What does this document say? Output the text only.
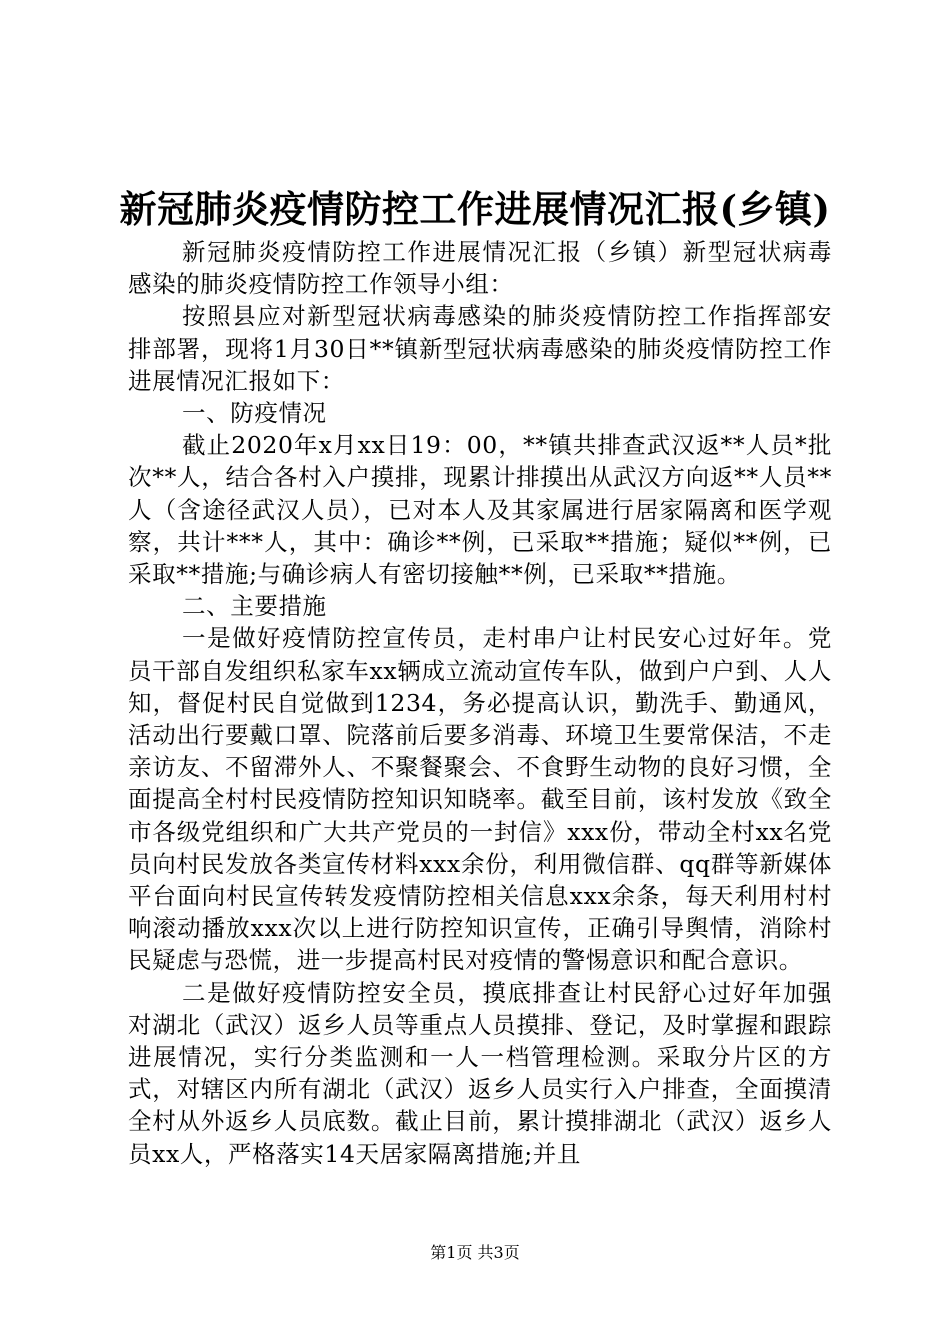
新冠肺炎疫情防控工作进展情况汇报(乡镇)

新冠肺炎疫情防控工作进展情况汇报（乡镇）新型冠状病毒感染的肺炎疫情防控工作领导小组：

按照县应对新型冠状病毒感染的肺炎疫情防控工作指挥部安排部署，现将1月30日**镇新型冠状病毒感染的肺炎疫情防控工作进展情况汇报如下：

一、防疫情况

截止2020年x月xx日19：00，**镇共排查武汉返**人员*批次**人，结合各村入户摸排，现累计排摸出从武汉方向返**人员**人（含途径武汉人员），已对本人及其家属进行居家隔离和医学观察，共计***人，其中：确诊**例，已采取**措施；疑似**例，已采取**措施;与确诊病人有密切接触**例，已采取**措施。

二、主要措施

一是做好疫情防控宣传员，走村串户让村民安心过好年。党员干部自发组织私家车xx辆成立流动宣传车队，做到户户到、人人知，督促村民自觉做到1234，务必提高认识，勤洗手、勤通风，活动出行要戴口罩、院落前后要多消毒、环境卫生要常保洁，不走亲访友、不留滞外人、不聚餐聚会、不食野生动物的良好习惯，全面提高全村村民疫情防控知识知晓率。截至目前，该村发放《致全市各级党组织和广大共产党员的一封信》xxx份，带动全村xx名党员向村民发放各类宣传材料xxx余份，利用微信群、qq群等新媒体平台面向村民宣传转发疫情防控相关信息xxx余条，每天利用村村响滚动播放xxx次以上进行防控知识宣传，正确引导舆情，消除村民疑虑与恐慌，进一步提高村民对疫情的警惕意识和配合意识。

二是做好疫情防控安全员，摸底排查让村民舒心过好年加强对湖北（武汉）返乡人员等重点人员摸排、登记，及时掌握和跟踪进展情况，实行分类监测和一人一档管理检测。采取分片区的方式，对辖区内所有湖北（武汉）返乡人员实行入户排查，全面摸清全村从外返乡人员底数。截止目前，累计摸排湖北（武汉）返乡人员xx人，严格落实14天居家隔离措施;并且

第1页 共3页
